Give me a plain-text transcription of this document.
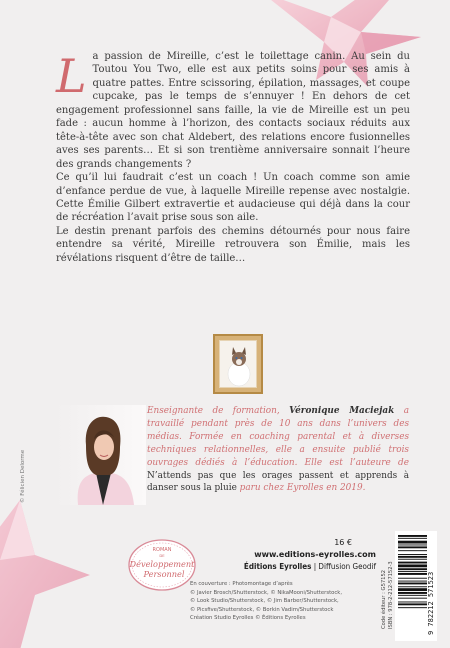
L a passion de Mireille, c’est le toilettage canin. Au sein du Toutou You Two, elle est aux petits soins pour ses amis à quatre pattes. Entre scissoring, épilation, massages, et coupe cupcake, pas le temps de s’ennuyer ! En dehors de cet engagement professionnel sans faille, la vie de Mireille est un peu fade : aucun homme à l’horizon, des contacts sociaux réduits aux tête-à-tête avec son chat Aldebert, des relations encore fusionnelles aves ses parents… Et si son trentième anniversaire sonnait l’heure des grands changements ?

Ce qu’il lui faudrait c’est un coach ! Un coach comme son amie d’enfance perdue de vue, à laquelle Mireille repense avec nostalgie. Cette Émilie Gilbert extravertie et audacieuse qui déjà dans la cour de récréation l’avait prise sous son aile.

Le destin prenant parfois des chemins détournés pour nous faire entendre sa vérité, Mireille retrouvera son Émilie, mais les révélations risquent d’être de taille…

© Félicien Delorme
Enseignante de formation, Véronique Maciejak a travaillé pendant près de 10 ans dans l’univers des médias. Formée en coaching parental et à diverses techniques relationnelles, elle a ensuite publié trois ouvrages dédiés à l’éducation. Elle est l’auteure de N’attends pas que les orages passent et apprends à danser sous la pluie paru chez Eyrolles en 2019.
ROMAN
DE
Développement
Personnel
16 €
www.editions-eyrolles.com
Éditions Eyrolles | Diffusion Geodif
En couverture : Photomontage d’après
© Javier Brosch/Shutterstock, © NikaMooni/Shutterstock,
© Look Studio/Shutterstock, © Jim Barber/Shutterstock,
© Picsfive/Shutterstock, © Borkin Vadim/Shutterstock
Création Studio Eyrolles © Éditions Eyrolles	Code éditeur : G57152 ISBN : 978-2-212-57152-3	9 782212 571523
